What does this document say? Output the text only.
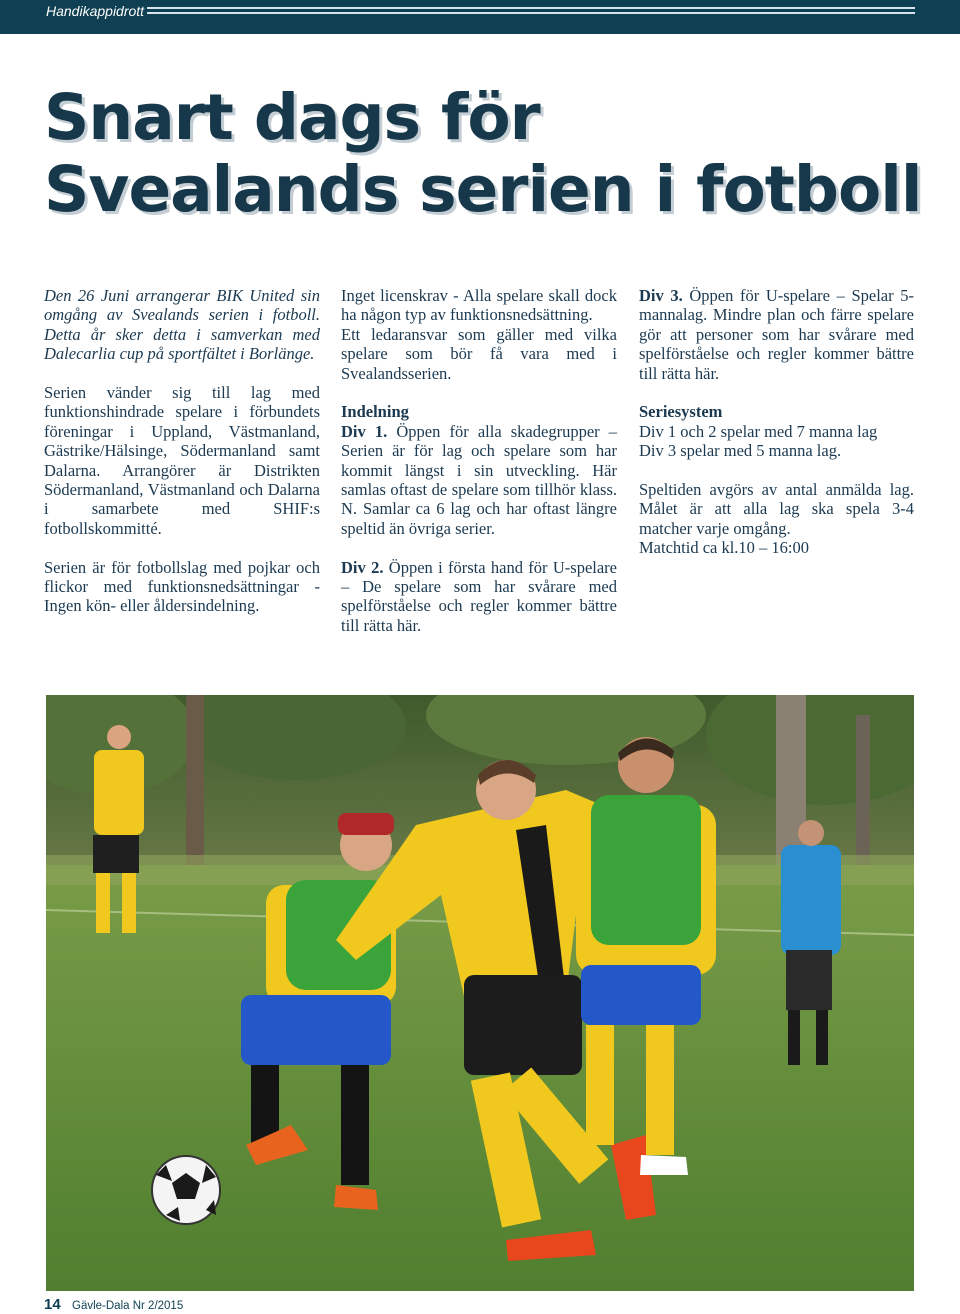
Handikappidrott
Snart dags för
Svealands serien i fotboll

Den 26 Juni arrangerar BIK United sin omgång av Svealands serien i fotboll. Detta år sker detta i samverkan med Dalecarlia cup på sportfältet i Borlänge.

Serien vänder sig till lag med funktionshindrade spelare i förbundets föreningar i Uppland, Västmanland, Gästrike/Hälsinge, Södermanland samt Dalarna. Arrangörer är Distrikten Södermanland, Västmanland och Dalarna i samarbete med SHIF:s fotbollskommitté.

Serien är för fotbollslag med pojkar och flickor med funktionsnedsättningar - Ingen kön- eller åldersindelning.

Inget licenskrav - Alla spelare skall dock ha någon typ av funktionsnedsättning.

Ett ledaransvar som gäller med vilka spelare som bör få vara med i Svealandsserien.

Indelning

Div 1. Öppen för alla skadegrupper – Serien är för lag och spelare som har kommit längst i sin utveckling. Här samlas oftast de spelare som tillhör klass. N. Samlar ca 6 lag och har oftast längre speltid än övriga serier.

Div 2. Öppen i första hand för U-spelare – De spelare som har svårare med spelförståelse och regler kommer bättre till rätta här.

Div 3. Öppen för U-spelare – Spelar 5-mannalag. Mindre plan och färre spelare gör att personer som har svårare med spelförståelse och regler kommer bättre till rätta här.

Seriesystem
Div 1 och 2 spelar med 7 manna lag
Div 3 spelar med 5 manna lag.

Speltiden avgörs av antal anmälda lag. Målet är att alla lag ska spela 3-4 matcher varje omgång.

Matchtid ca kl.10 – 16:00

14 Gävle-Dala Nr 2/2015
